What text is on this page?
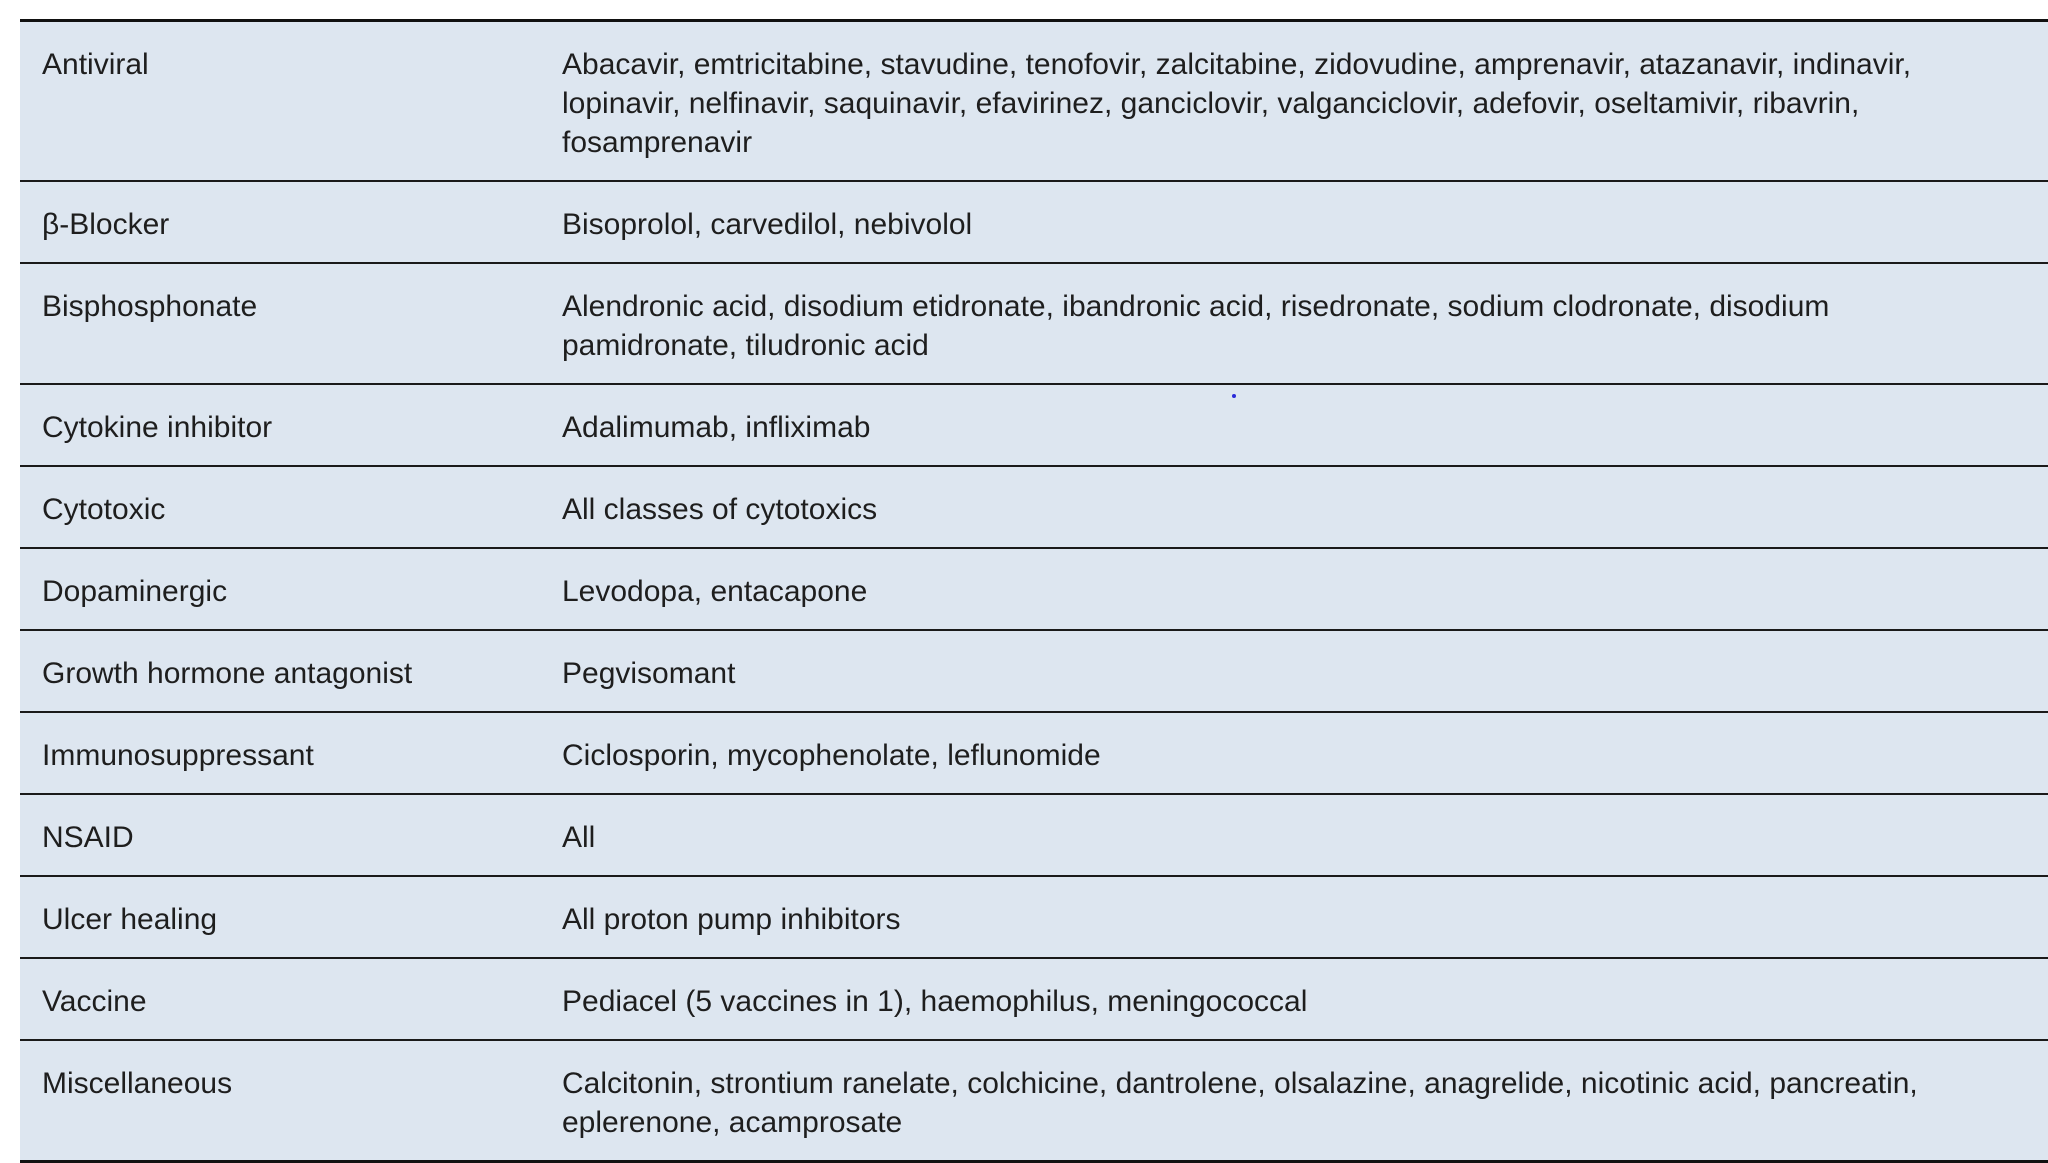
Antiviral	Abacavir, emtricitabine, stavudine, tenofovir, zalcitabine, zidovudine, amprenavir, atazanavir, indinavir, lopinavir, nelfinavir, saquinavir, efavirinez, ganciclovir, valganciclovir, adefovir, oseltamivir, ribavrin, fosamprenavir
β-Blocker	Bisoprolol, carvedilol, nebivolol
Bisphosphonate	Alendronic acid, disodium etidronate, ibandronic acid, risedronate, sodium clodronate, disodium pamidronate, tiludronic acid
Cytokine inhibitor	Adalimumab, infliximab
Cytotoxic	All classes of cytotoxics
Dopaminergic	Levodopa, entacapone
Growth hormone antagonist	Pegvisomant
Immunosuppressant	Ciclosporin, mycophenolate, leflunomide
NSAID	All
Ulcer healing	All proton pump inhibitors
Vaccine	Pediacel (5 vaccines in 1), haemophilus, meningococcal
Miscellaneous	Calcitonin, strontium ranelate, colchicine, dantrolene, olsalazine, anagrelide, nicotinic acid, pancreatin, eplerenone, acamprosate
